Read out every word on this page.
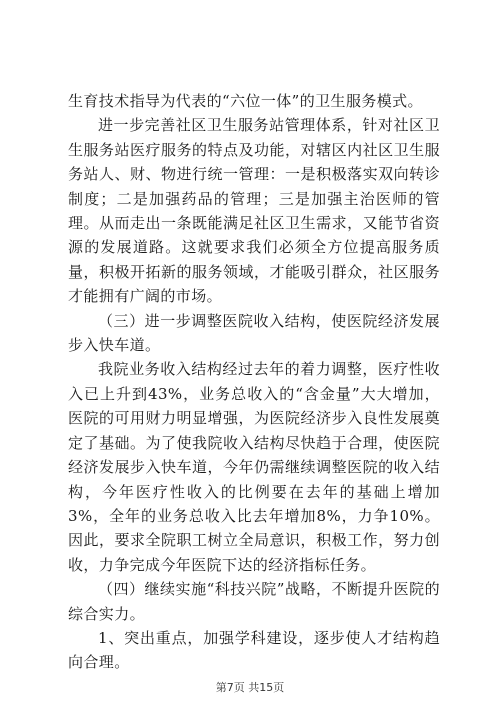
生育技术指导为代表的“六位一体”的卫生服务模式。

进一步完善社区卫生服务站管理体系，针对社区卫生服务站医疗服务的特点及功能，对辖区内社区卫生服务站人、财、物进行统一管理：一是积极落实双向转诊制度；二是加强药品的管理；三是加强主治医师的管理。从而走出一条既能满足社区卫生需求，又能节省资源的发展道路。这就要求我们必须全方位提高服务质量，积极开拓新的服务领域，才能吸引群众，社区服务才能拥有广阔的市场。

（三）进一步调整医院收入结构，使医院经济发展步入快车道。

我院业务收入结构经过去年的着力调整，医疗性收入已上升到43%，业务总收入的“含金量”大大增加，医院的可用财力明显增强，为医院经济步入良性发展奠定了基础。为了使我院收入结构尽快趋于合理，使医院经济发展步入快车道，今年仍需继续调整医院的收入结构，今年医疗性收入的比例要在去年的基础上增加3%，全年的业务总收入比去年增加8%，力争10%。因此，要求全院职工树立全局意识，积极工作，努力创收，力争完成今年医院下达的经济指标任务。

（四）继续实施“科技兴院”战略，不断提升医院的综合实力。

1、突出重点，加强学科建设，逐步使人才结构趋向合理。

第7页 共15页
